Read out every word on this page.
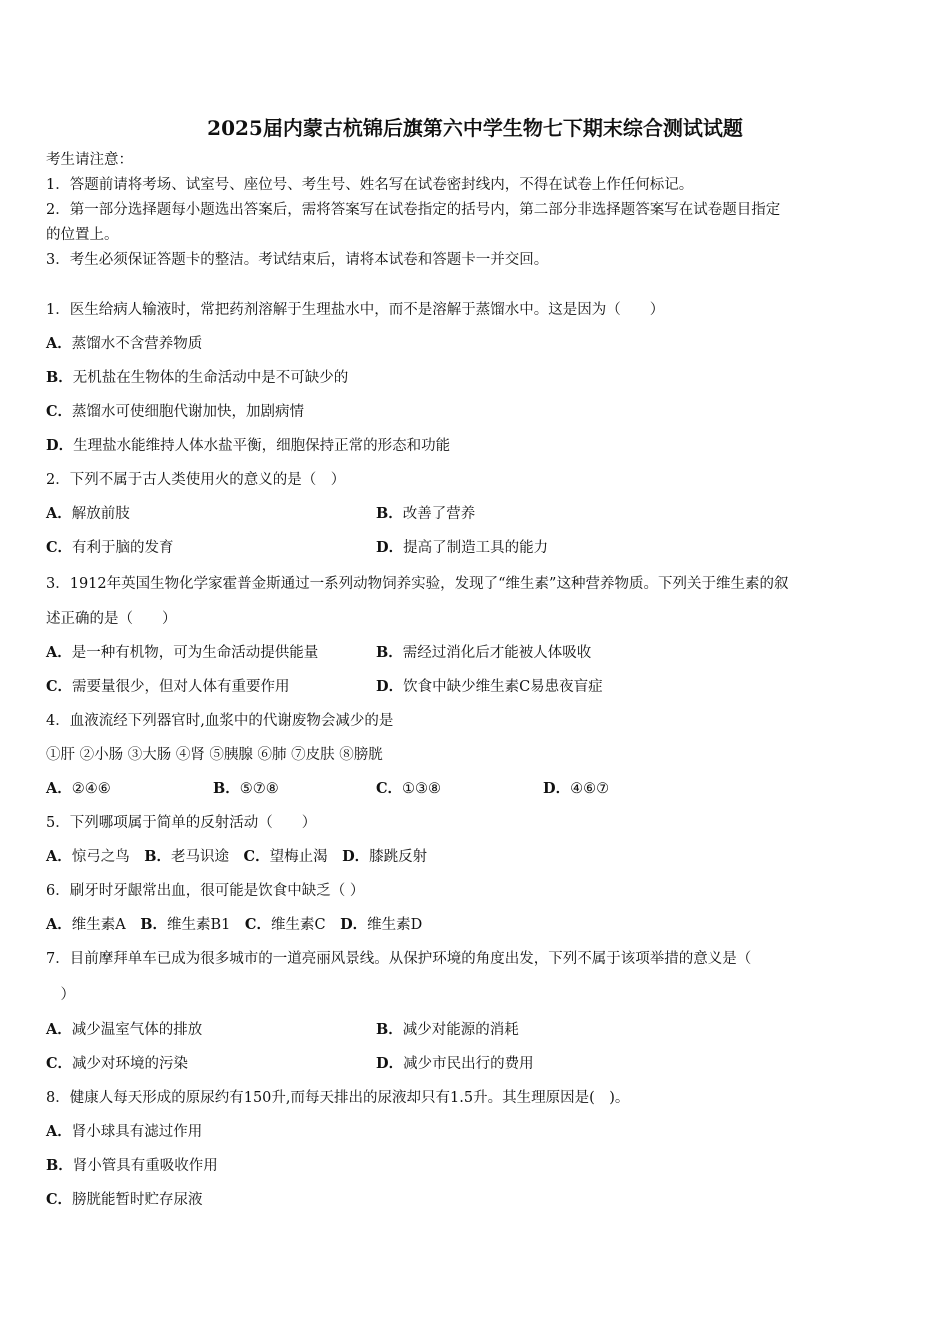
2025届内蒙古杭锦后旗第六中学生物七下期末综合测试试题
考生请注意：
1．答题前请将考场、试室号、座位号、考生号、姓名写在试卷密封线内，不得在试卷上作任何标记。
2．第一部分选择题每小题选出答案后，需将答案写在试卷指定的括号内，第二部分非选择题答案写在试卷题目指定
的位置上。
3．考生必须保证答题卡的整洁。考试结束后，请将本试卷和答题卡一并交回。
1．医生给病人输液时，常把药剂溶解于生理盐水中，而不是溶解于蒸馏水中。这是因为（　　）
A．蒸馏水不含营养物质
B．无机盐在生物体的生命活动中是不可缺少的
C．蒸馏水可使细胞代谢加快，加剧病情
D．生理盐水能维持人体水盐平衡，细胞保持正常的形态和功能
2．下列不属于古人类使用火的意义的是（　）
A．解放前肢	B．改善了营养
C．有利于脑的发育	D．提高了制造工具的能力
3．1912年英国生物化学家霍普金斯通过一系列动物饲养实验，发现了“维生素”这种营养物质。下列关于维生素的叙
述正确的是（　　）
A．是一种有机物，可为生命活动提供能量	B．需经过消化后才能被人体吸收
C．需要量很少，但对人体有重要作用	D．饮食中缺少维生素C易患夜盲症
4．血液流经下列器官时,血浆中的代谢废物会减少的是
①肝 ②小肠 ③大肠 ④肾 ⑤胰腺 ⑥肺 ⑦皮肤 ⑧膀胱
A．②④⑥	B．⑤⑦⑧	C．①③⑧	D．④⑥⑦
5．下列哪项属于简单的反射活动（　　）
A．惊弓之鸟　B．老马识途　C．望梅止渴　D．膝跳反射
6．刷牙时牙龈常出血，很可能是饮食中缺乏（ ）
A．维生素A　B．维生素B1　C．维生素C　D．维生素D
7．目前摩拜单车已成为很多城市的一道亮丽风景线。从保护环境的角度出发，下列不属于该项举措的意义是（
　）
A．减少温室气体的排放	B．减少对能源的消耗
C．减少对环境的污染	D．减少市民出行的费用
8．健康人每天形成的原尿约有150升,而每天排出的尿液却只有1.5升。其生理原因是(　)。
A．肾小球具有滤过作用
B．肾小管具有重吸收作用
C．膀胱能暂时贮存尿液
